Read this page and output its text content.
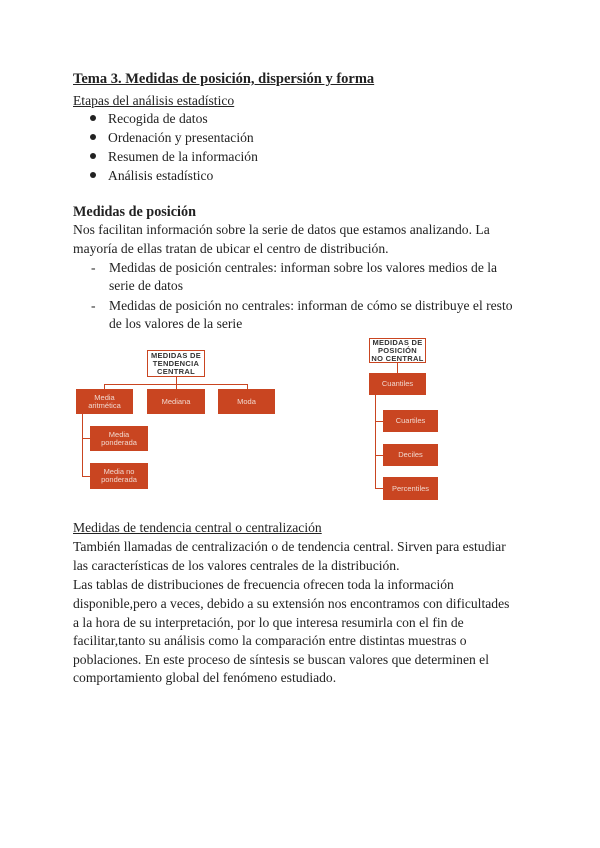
Tema 3. Medidas de posición, dispersión y forma
Etapas del análisis estadístico
Recogida de datos
Ordenación y presentación
Resumen de la información
Análisis estadístico
Medidas de posición
Nos facilitan información sobre la serie de datos que estamos analizando. La
mayoría de ellas tratan de ubicar el centro de distribución.
- Medidas de posición centrales: informan sobre los valores medios de la serie de datos
- Medidas de posición no centrales: informan de cómo se distribuye el resto de los valores de la serie
MEDIDAS DE TENDENCIA CENTRAL
Media aritmética	Mediana	Moda
Media ponderada
Media no ponderada
MEDIDAS DE POSICIÓN NO CENTRAL
Cuantiles
Cuartiles
Deciles
Percentiles
Medidas de tendencia central o centralización
También llamadas de centralización o de tendencia central. Sirven para estudiar
las características de los valores centrales de la distribución.
Las tablas de distribuciones de frecuencia ofrecen toda la información
disponible,pero a veces, debido a su extensión nos encontramos con dificultades
a la hora de su interpretación, por lo que interesa resumirla con el fin de
facilitar,tanto su análisis como la comparación entre distintas muestras o
poblaciones. En este proceso de síntesis se buscan valores que determinen el
comportamiento global del fenómeno estudiado.
